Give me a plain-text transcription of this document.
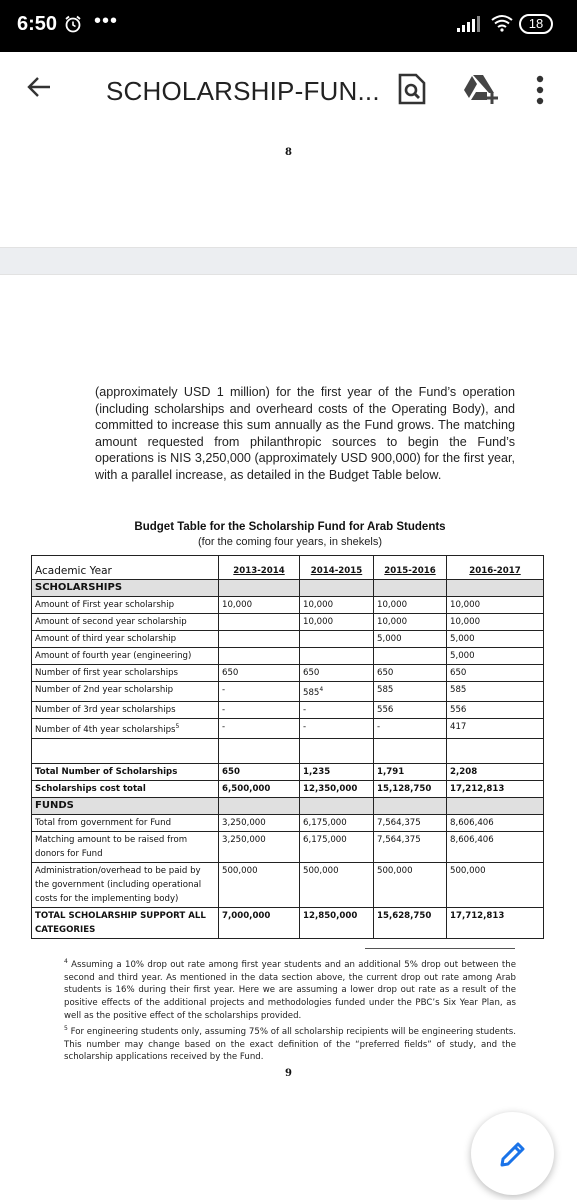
6:50 •••	18
SCHOLARSHIP-FUN...
8
(approximately USD 1 million) for the first year of the Fund’s operation (including scholarships and overheard costs of the Operating Body), and committed to increase this sum annually as the Fund grows. The matching amount requested from philanthropic sources to begin the Fund’s operations is NIS 3,250,000 (approximately USD 900,000) for the first year, with a parallel increase, as detailed in the Budget Table below.
Budget Table for the Scholarship Fund for Arab Students
(for the coming four years, in shekels)
Academic Year	2013-2014	2014-2015	2015-2016	2016-2017
SCHOLARSHIPS				
Amount of First year scholarship	10,000	10,000	10,000	10,000
Amount of second year scholarship		10,000	10,000	10,000
Amount of third year scholarship			5,000	5,000
Amount of fourth year (engineering)				5,000
Number of first year scholarships	650	650	650	650
Number of 2nd year scholarship	-	$585^4$	585	585
Number of 3rd year scholarships	-	-	556	556
Number of 4th year scholarships$^5$	-	-	-	417

Total Number of Scholarships	650	1,235	1,791	2,208
Scholarships cost total	6,500,000	12,350,000	15,128,750	17,212,813
FUNDS				
Total from government for Fund	3,250,000	6,175,000	7,564,375	8,606,406
Matching amount to be raised from donors for Fund	3,250,000	6,175,000	7,564,375	8,606,406
Administration/overhead to be paid by the government (including operational costs for the implementing body)	500,000	500,000	500,000	500,000
TOTAL SCHOLARSHIP SUPPORT ALL CATEGORIES	7,000,000	12,850,000	15,628,750	17,712,813
$^4$ Assuming a 10% drop out rate among first year students and an additional 5% drop out between the second and third year. As mentioned in the data section above, the current drop out rate among Arab students is 16% during their first year. Here we are assuming a lower drop out rate as a result of the positive effects of the additional projects and methodologies funded under the PBC’s Six Year Plan, as well as the positive effect of the scholarships provided.
$^5$ For engineering students only, assuming 75% of all scholarship recipients will be engineering students. This number may change based on the exact definition of the “preferred fields” of study, and the scholarship applications received by the Fund.
9
